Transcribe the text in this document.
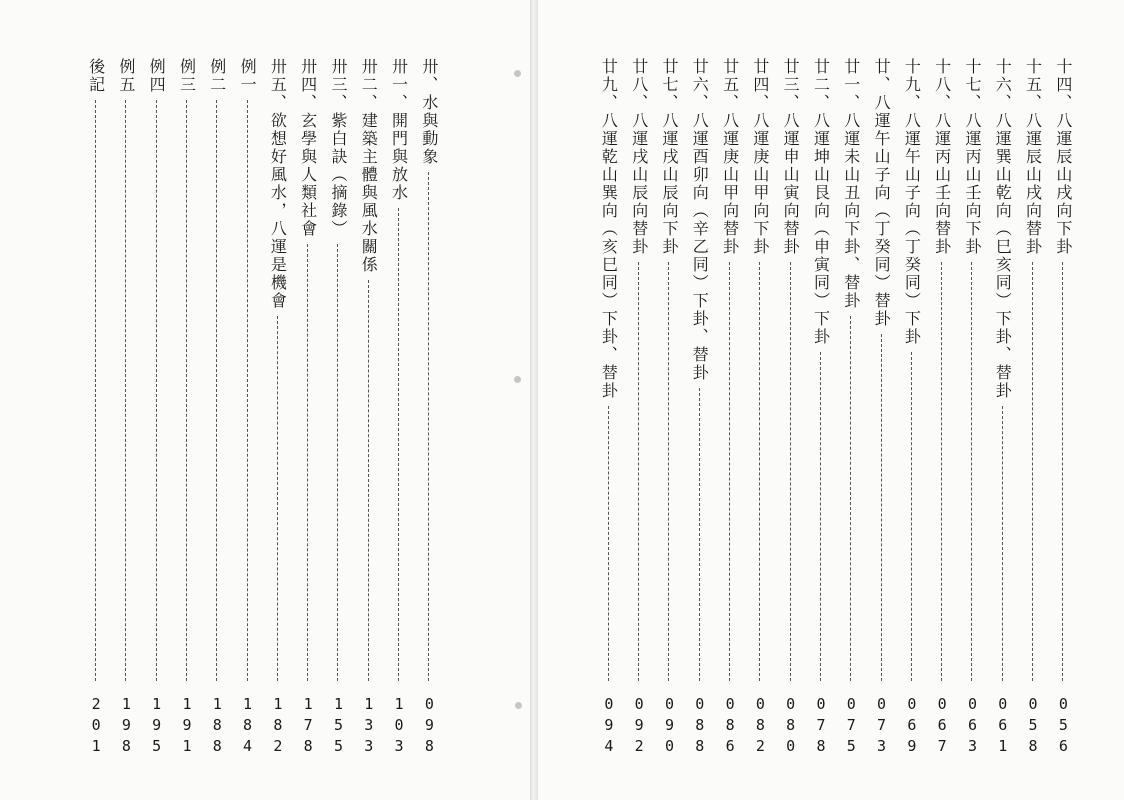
卅、水與動象
098
卅一、開門與放水
103
卅二、建築主體與風水關係
133
卅三、紫白訣（摘錄）
155
卅四、玄學與人類社會
178
卅五、欲想好風水，八運是機會
182
例一
184
例二
188
例三
191
例四
195
例五
198
後記
201
十四、八運辰山戌向下卦
056
十五、八運辰山戌向替卦
058
十六、八運巽山乾向（巳亥同）下卦、替卦
061
十七、八運丙山壬向下卦
063
十八、八運丙山壬向替卦
067
十九、八運午山子向（丁癸同）下卦
069
廿、八運午山子向（丁癸同）替卦
073
廿一、八運未山丑向下卦、替卦
075
廿二、八運坤山艮向（申寅同）下卦
078
廿三、八運申山寅向替卦
080
廿四、八運庚山甲向下卦
082
廿五、八運庚山甲向替卦
086
廿六、八運酉卯向（辛乙同）下卦、替卦
088
廿七、八運戌山辰向下卦
090
廿八、八運戌山辰向替卦
092
廿九、八運乾山巽向（亥巳同）下卦、替卦
094
